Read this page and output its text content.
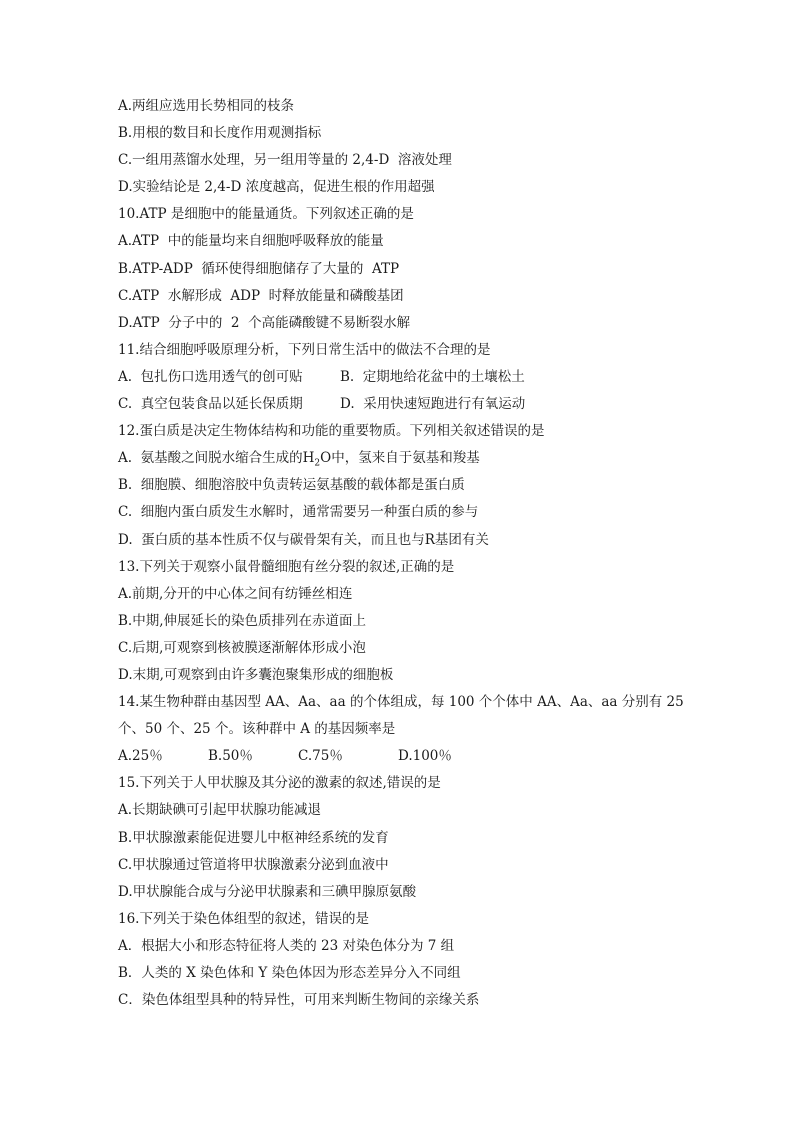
A.两组应选用长势相同的枝条
B.用根的数目和长度作用观测指标
C.一组用蒸馏水处理，另一组用等量的 2,4-D  溶液处理
D.实验结论是 2,4-D 浓度越高，促进生根的作用超强
10.ATP 是细胞中的能量通货。下列叙述正确的是
A.ATP  中的能量均来自细胞呼吸释放的能量
B.ATP-ADP  循环使得细胞储存了大量的  ATP
C.ATP  水解形成  ADP  时释放能量和磷酸基团
D.ATP  分子中的  2  个高能磷酸键不易断裂水解
11.结合细胞呼吸原理分析，下列日常生活中的做法不合理的是
A.  包扎伤口选用透气的创可贴	B.  定期地给花盆中的土壤松土
C.  真空包装食品以延长保质期	D.  采用快速短跑进行有氧运动
12.蛋白质是决定生物体结构和功能的重要物质。下列相关叙述错误的是
A.  氨基酸之间脱水缩合生成的$H_2O$中，氢来自于氨基和羧基
B.  细胞膜、细胞溶胶中负责转运氨基酸的载体都是蛋白质
C.  细胞内蛋白质发生水解时，通常需要另一种蛋白质的参与
D.  蛋白质的基本性质不仅与碳骨架有关，而且也与R基团有关
13.下列关于观察小鼠骨髓细胞有丝分裂的叙述,正确的是
A.前期,分开的中心体之间有纺锤丝相连
B.中期,伸展延长的染色质排列在赤道面上
C.后期,可观察到核被膜逐渐解体形成小泡
D.末期,可观察到由许多囊泡聚集形成的细胞板
14.某生物种群由基因型 AA、Aa、aa 的个体组成，每 100 个个体中 AA、Aa、aa 分别有 25
个、50 个、25 个。该种群中 A 的基因频率是
A.25％	B.50％	C.75％	D.100％
15.下列关于人甲状腺及其分泌的激素的叙述,错误的是
A.长期缺碘可引起甲状腺功能减退
B.甲状腺激素能促进婴儿中枢神经系统的发育
C.甲状腺通过管道将甲状腺激素分泌到血液中
D.甲状腺能合成与分泌甲状腺素和三碘甲腺原氨酸
16.下列关于染色体组型的叙述，错误的是
A．根据大小和形态特征将人类的 23 对染色体分为 7 组
B．人类的 X 染色体和 Y 染色体因为形态差异分入不同组
C．染色体组型具种的特异性，可用来判断生物间的亲缘关系
